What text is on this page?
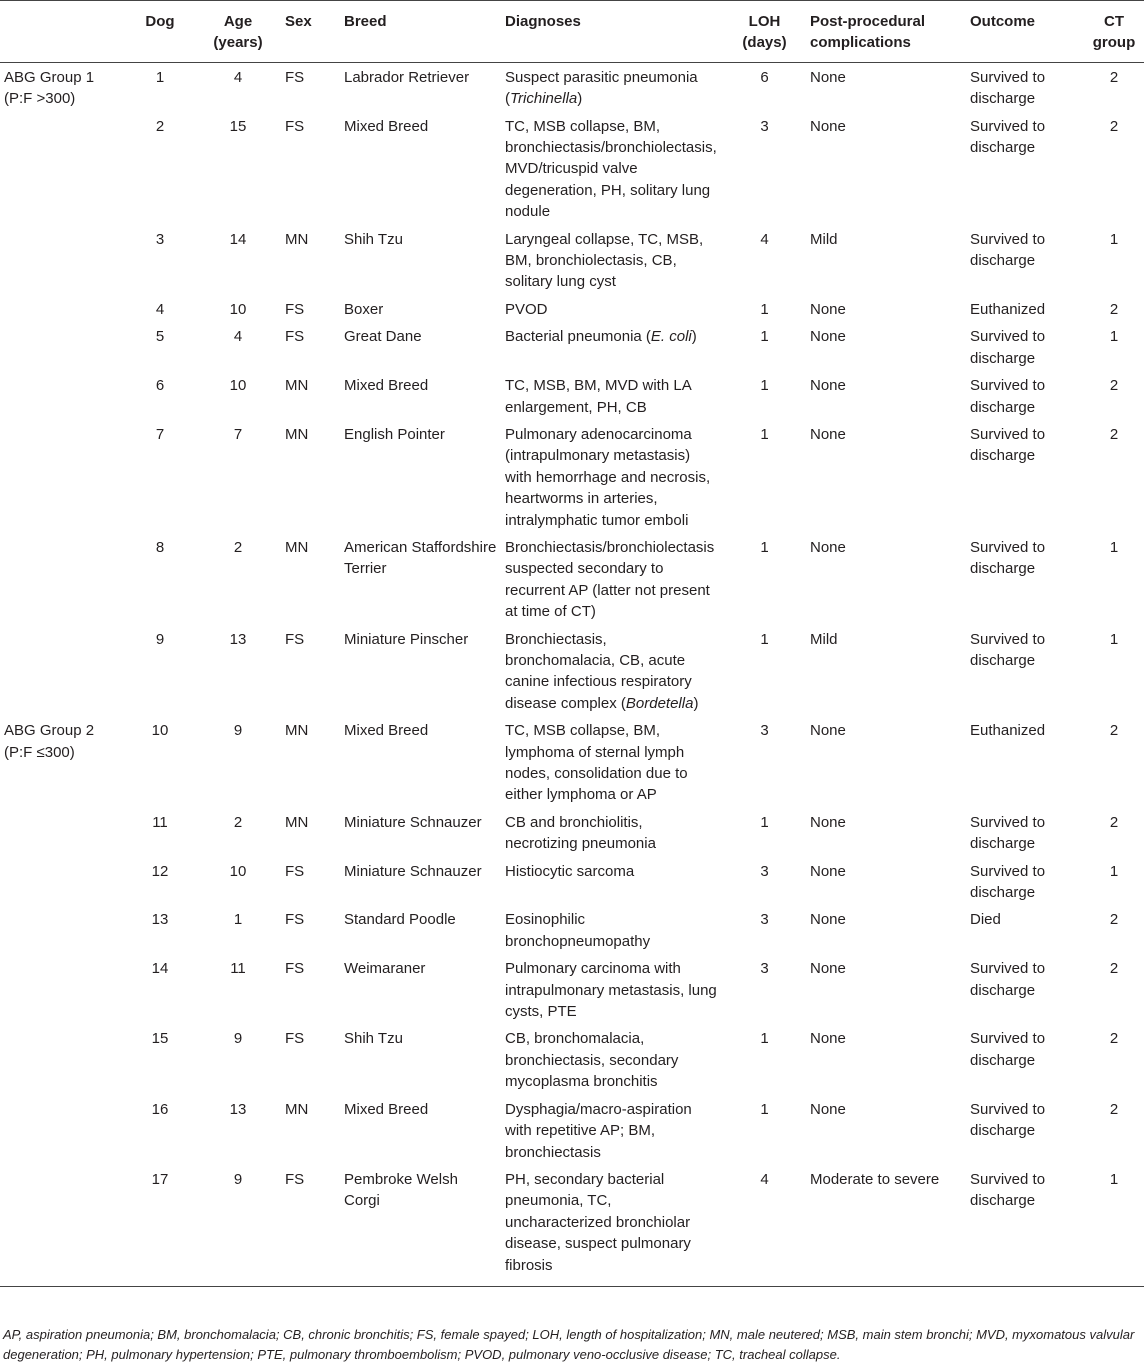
	Dog	Age (years)	Sex	Breed	Diagnoses	LOH (days)	Post-procedural complications	Outcome	CT group
ABG Group 1 (P:F >300)	1	4	FS	Labrador Retriever	Suspect parasitic pneumonia (Trichinella)	6	None	Survived to discharge	2
	2	15	FS	Mixed Breed	TC, MSB collapse, BM, bronchiectasis/bronchiolectasis, MVD/tricuspid valve degeneration, PH, solitary lung nodule	3	None	Survived to discharge	2
	3	14	MN	Shih Tzu	Laryngeal collapse, TC, MSB, BM, bronchiolectasis, CB, solitary lung cyst	4	Mild	Survived to discharge	1
	4	10	FS	Boxer	PVOD	1	None	Euthanized	2
	5	4	FS	Great Dane	Bacterial pneumonia (E. coli)	1	None	Survived to discharge	1
	6	10	MN	Mixed Breed	TC, MSB, BM, MVD with LA enlargement, PH, CB	1	None	Survived to discharge	2
	7	7	MN	English Pointer	Pulmonary adenocarcinoma (intrapulmonary metastasis) with hemorrhage and necrosis, heartworms in arteries, intralymphatic tumor emboli	1	None	Survived to discharge	2
	8	2	MN	American Staffordshire Terrier	Bronchiectasis/bronchiolectasis suspected secondary to recurrent AP (latter not present at time of CT)	1	None	Survived to discharge	1
	9	13	FS	Miniature Pinscher	Bronchiectasis, bronchomalacia, CB, acute canine infectious respiratory disease complex (Bordetella)	1	Mild	Survived to discharge	1
ABG Group 2 (P:F ≤300)	10	9	MN	Mixed Breed	TC, MSB collapse, BM, lymphoma of sternal lymph nodes, consolidation due to either lymphoma or AP	3	None	Euthanized	2
	11	2	MN	Miniature Schnauzer	CB and bronchiolitis, necrotizing pneumonia	1	None	Survived to discharge	2
	12	10	FS	Miniature Schnauzer	Histiocytic sarcoma	3	None	Survived to discharge	1
	13	1	FS	Standard Poodle	Eosinophilic bronchopneumopathy	3	None	Died	2
	14	11	FS	Weimaraner	Pulmonary carcinoma with intrapulmonary metastasis, lung cysts, PTE	3	None	Survived to discharge	2
	15	9	FS	Shih Tzu	CB, bronchomalacia, bronchiectasis, secondary mycoplasma bronchitis	1	None	Survived to discharge	2
	16	13	MN	Mixed Breed	Dysphagia/macro-aspiration with repetitive AP; BM, bronchiectasis	1	None	Survived to discharge	2
	17	9	FS	Pembroke Welsh Corgi	PH, secondary bacterial pneumonia, TC, uncharacterized bronchiolar disease, suspect pulmonary fibrosis	4	Moderate to severe	Survived to discharge	1

AP, aspiration pneumonia; BM, bronchomalacia; CB, chronic bronchitis; FS, female spayed; LOH, length of hospitalization; MN, male neutered; MSB, main stem bronchi; MVD, myxomatous valvular degeneration; PH, pulmonary hypertension; PTE, pulmonary thromboembolism; PVOD, pulmonary veno-occlusive disease; TC, tracheal collapse.
